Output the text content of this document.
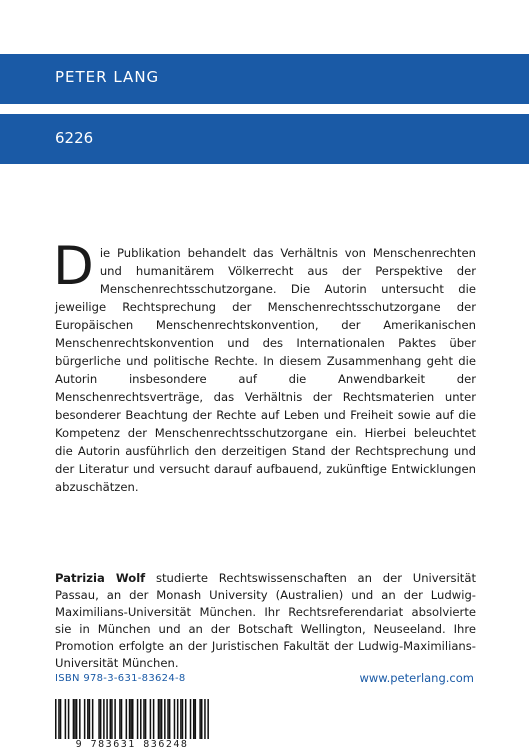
PETER LANG
6226
Die Publikation behandelt das Verhältnis von Menschenrechten und humanitärem Völkerrecht aus der Perspektive der Menschenrechtsschutzorgane. Die Autorin untersucht die jeweilige Rechtsprechung der Menschenrechtsschutzorgane der Europäischen Menschenrechtskonvention, der Amerikanischen Menschenrechtskonvention und des Internationalen Paktes über bürgerliche und politische Rechte. In diesem Zusammenhang geht die Autorin insbesondere auf die Anwendbarkeit der Menschenrechtsverträge, das Verhältnis der Rechtsmaterien unter besonderer Beachtung der Rechte auf Leben und Freiheit sowie auf die Kompetenz der Menschenrechtsschutzorgane ein. Hierbei beleuchtet die Autorin ausführlich den derzeitigen Stand der Rechtsprechung und der Literatur und versucht darauf aufbauend, zukünftige Entwicklungen abzuschätzen.
Patrizia Wolf studierte Rechtswissenschaften an der Universität Passau, an der Monash University (Australien) und an der Ludwig-Maximilians-Universität München. Ihr Rechtsreferendariat absolvierte sie in München und an der Botschaft Wellington, Neuseeland. Ihre Promotion erfolgte an der Juristischen Fakultät der Ludwig-Maximilians- Universität München.
ISBN 978-3-631-83624-8	www.peterlang.com
9 783631 836248
